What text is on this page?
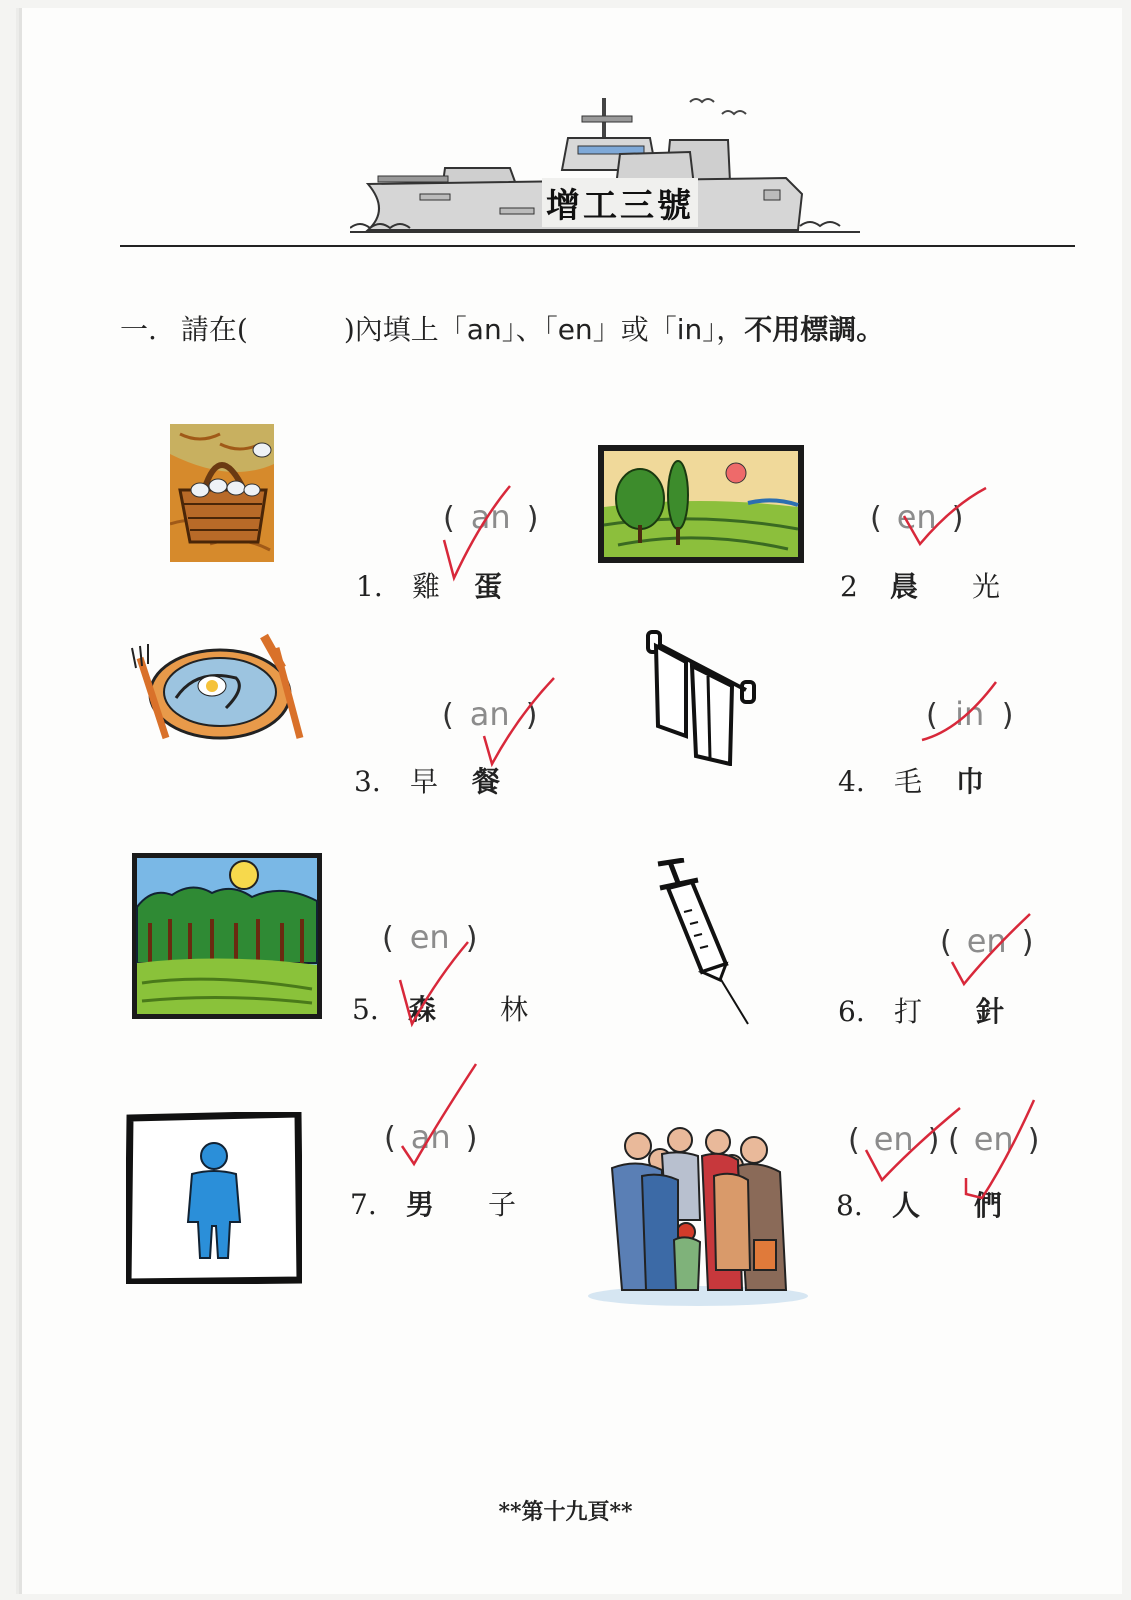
增工三號
一. 請在(	)內填上「an」、「en」或「in」，不用標調。
( an )
1. 雞 蛋
( en )
2 晨 光
( an )
3. 早 餐
( in )
4. 毛 巾
( en )
5. 森 林
( en )
6. 打 針
( an )
7. 男 子
( en ) ( en )
8. 人 們
**第十九頁**
